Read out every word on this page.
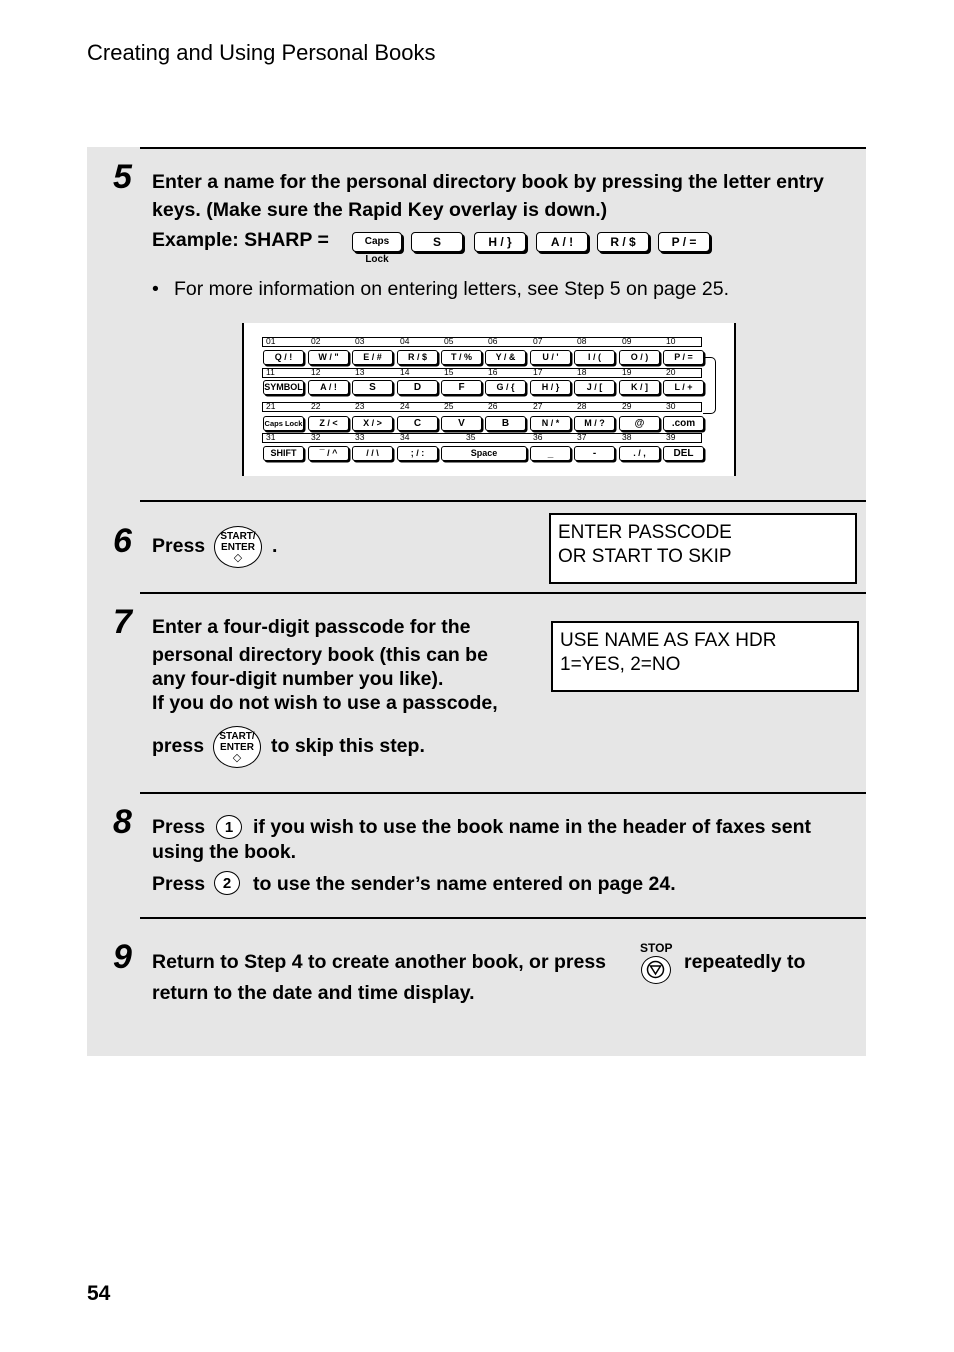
Creating and Using Personal Books
5 Enter a name for the personal directory book by pressing the letter entry
keys. (Make sure the Rapid Key overlay is down.)
Example: SHARP =	Caps Lock
S	H / }	A / !	R / $	P / =
• For more information on entering letters, see Step 5 on page 25.
01	02	03	04	05	06	07	08	09	10
Q / !	W / "	E / #	R / $	T / %	Y / &	U / '	I / (	O / )	P / =
11	12	13	14	15	16	17	18	19	20
SYMBOL	A / !	S	D	F	G / {	H / }	J / [	K / ]	L / +
21	22	23	24	25	26	27	28	29	30
Caps Lock	Z / <	X / >	C	V	B	N / *	M / ?	@	.com
31	32	33	34	35	36	37	38	39
SHIFT	¯ / ^	/ / \	; / :	Space	_	-	. / ,	DEL
6 Press	START/
ENTER
◇
.
ENTER PASSCODE
OR START TO SKIP
7 Enter a four-digit passcode for the
personal directory book (this can be
any four-digit number you like).
If you do not wish to use a passcode,
press	START/
ENTER
◇
to skip this step.
USE NAME AS FAX HDR
1=YES, 2=NO
8 Press	1	if you wish to use the book name in the header of faxes sent
using the book.
Press	2	to use the sender’s name entered on page 24.
9 Return to Step 4 to create another book, or press
STOP
repeatedly to
return to the date and time display.
54
